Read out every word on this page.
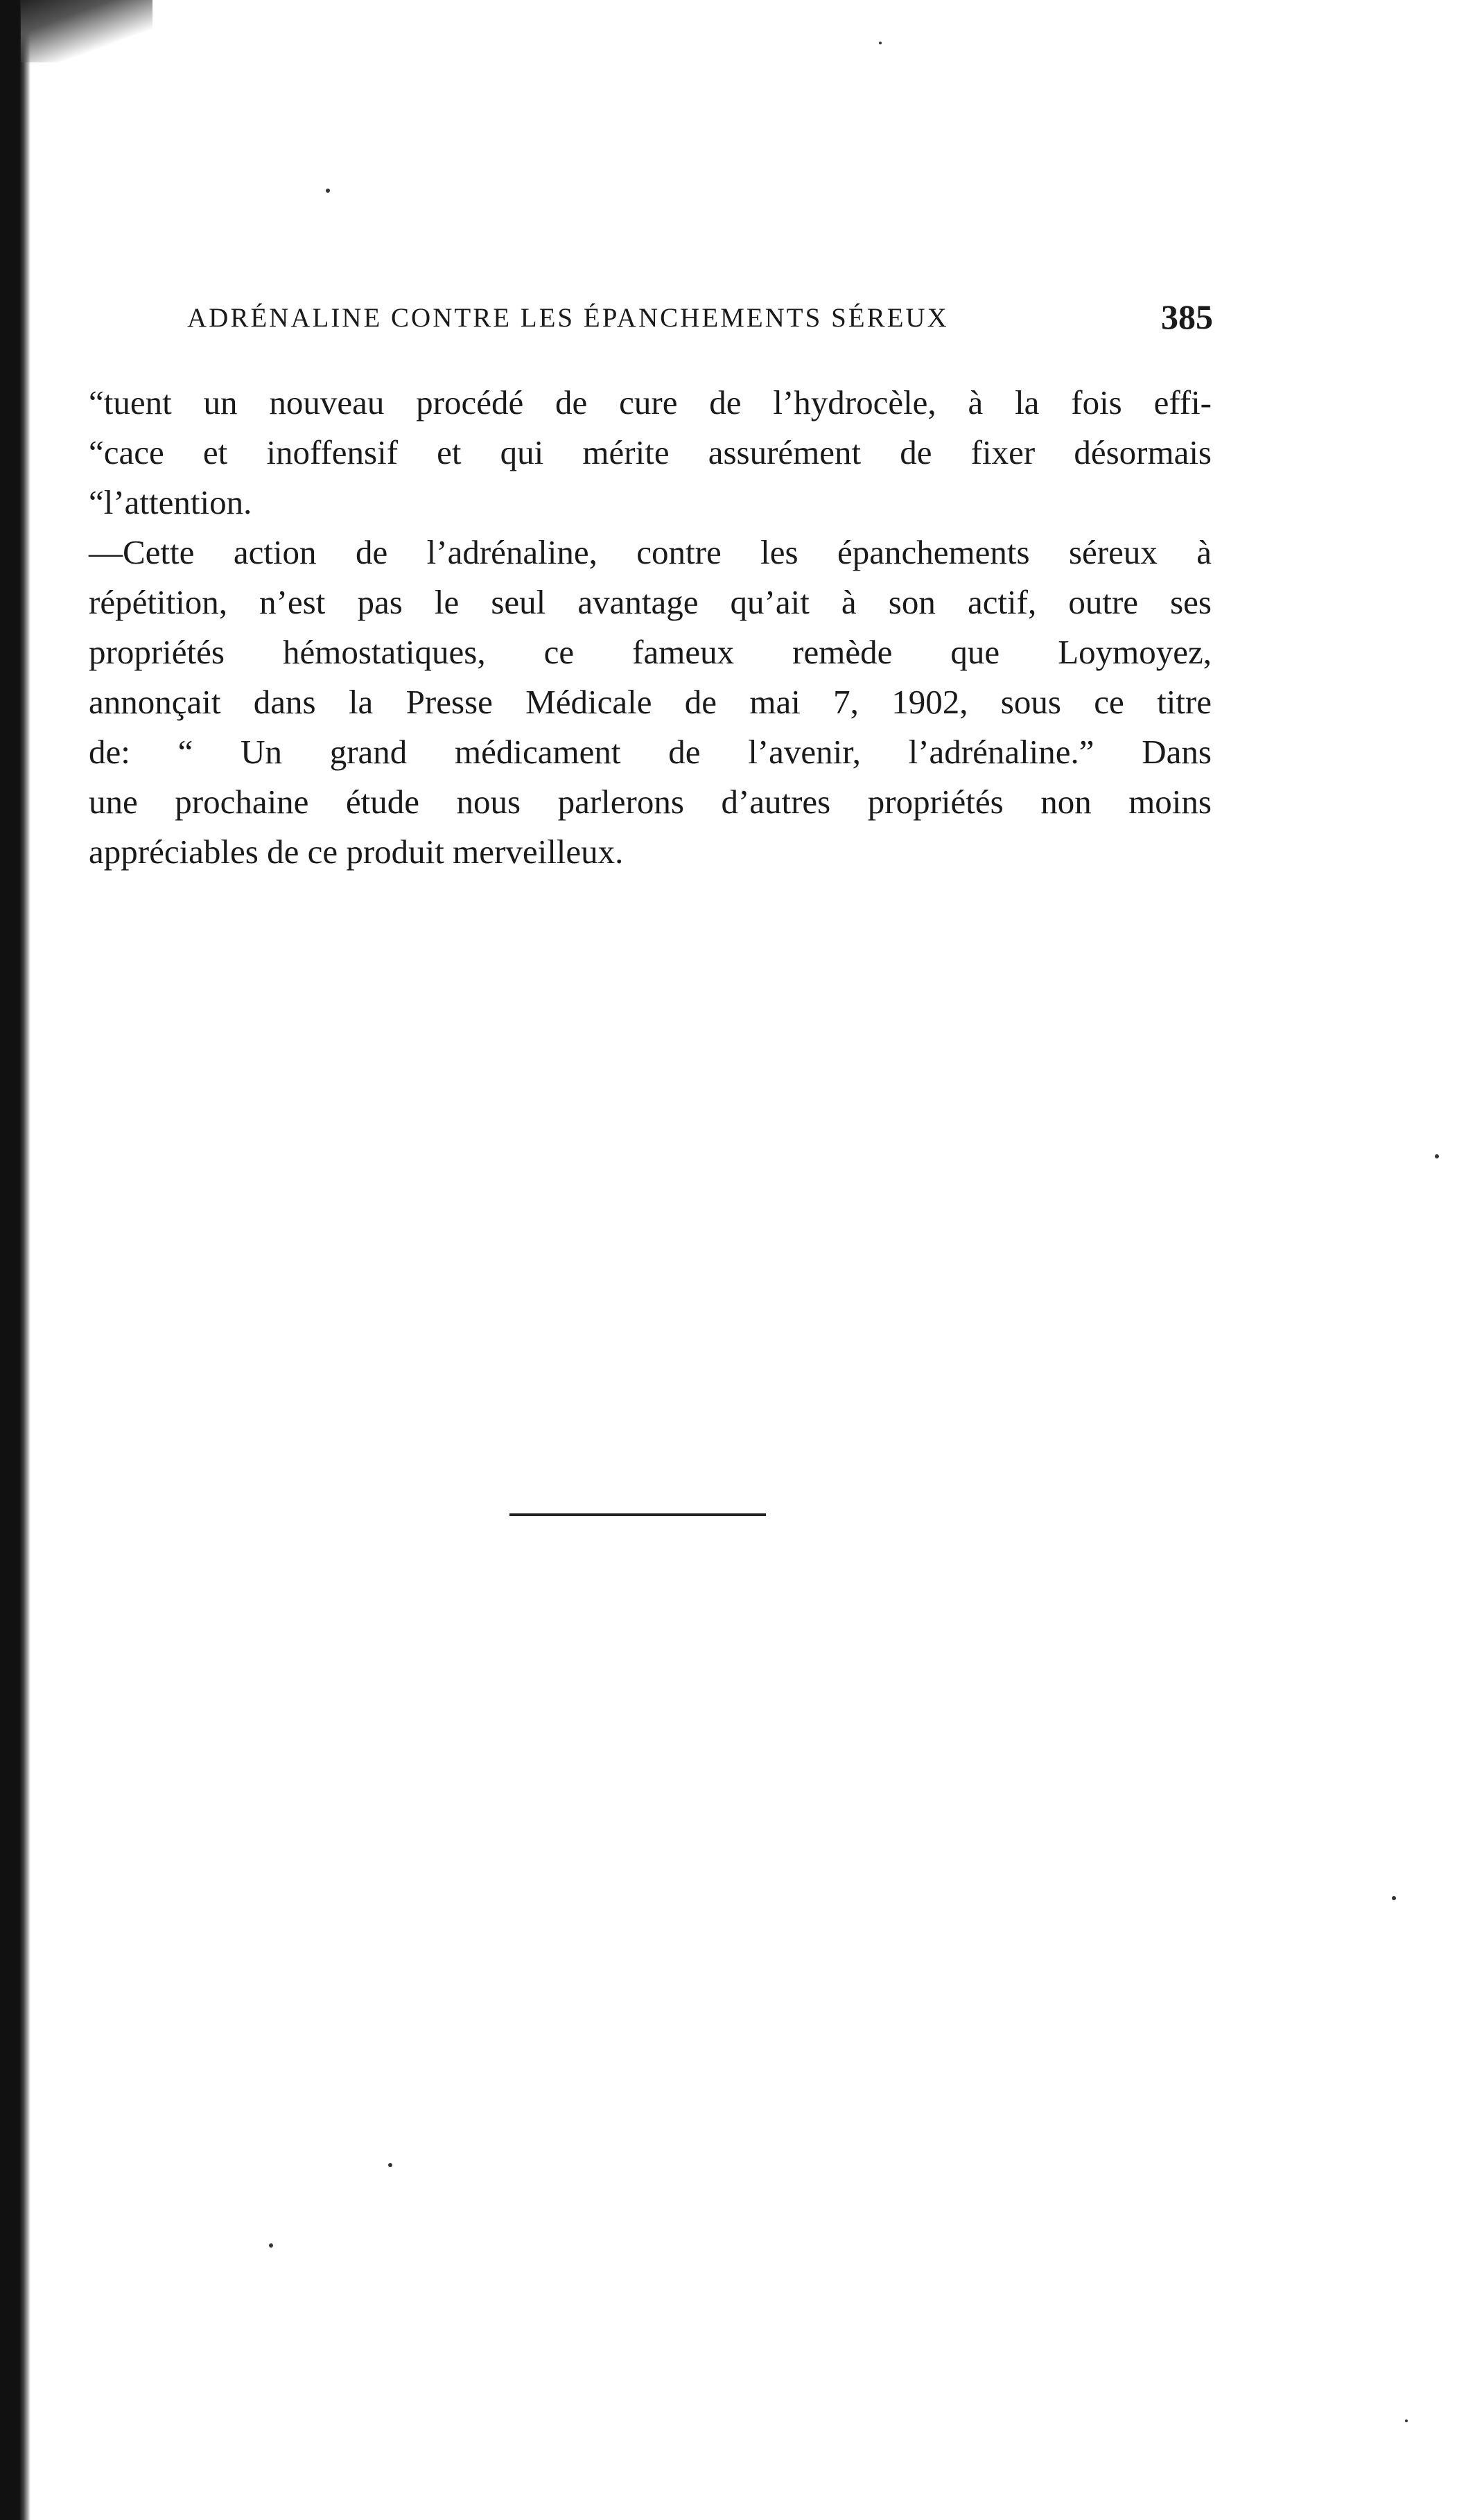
ADRÉNALINE CONTRE LES ÉPANCHEMENTS SÉREUX	385

“tuent un nouveau procédé de cure de l’hydrocèle, à la fois effi-
“cace et inoffensif et qui mérite assurément de fixer désormais
“l’attention.

—Cette action de l’adrénaline, contre les épanchements séreux à
répétition, n’est pas le seul avantage qu’ait à son actif, outre ses
propriétés hémostatiques, ce fameux remède que Loymoyez,
annonçait dans la Presse Médicale de mai 7, 1902, sous ce titre
de: “ Un grand médicament de l’avenir, l’adrénaline.” Dans
une prochaine étude nous parlerons d’autres propriétés non moins
appréciables de ce produit merveilleux.
